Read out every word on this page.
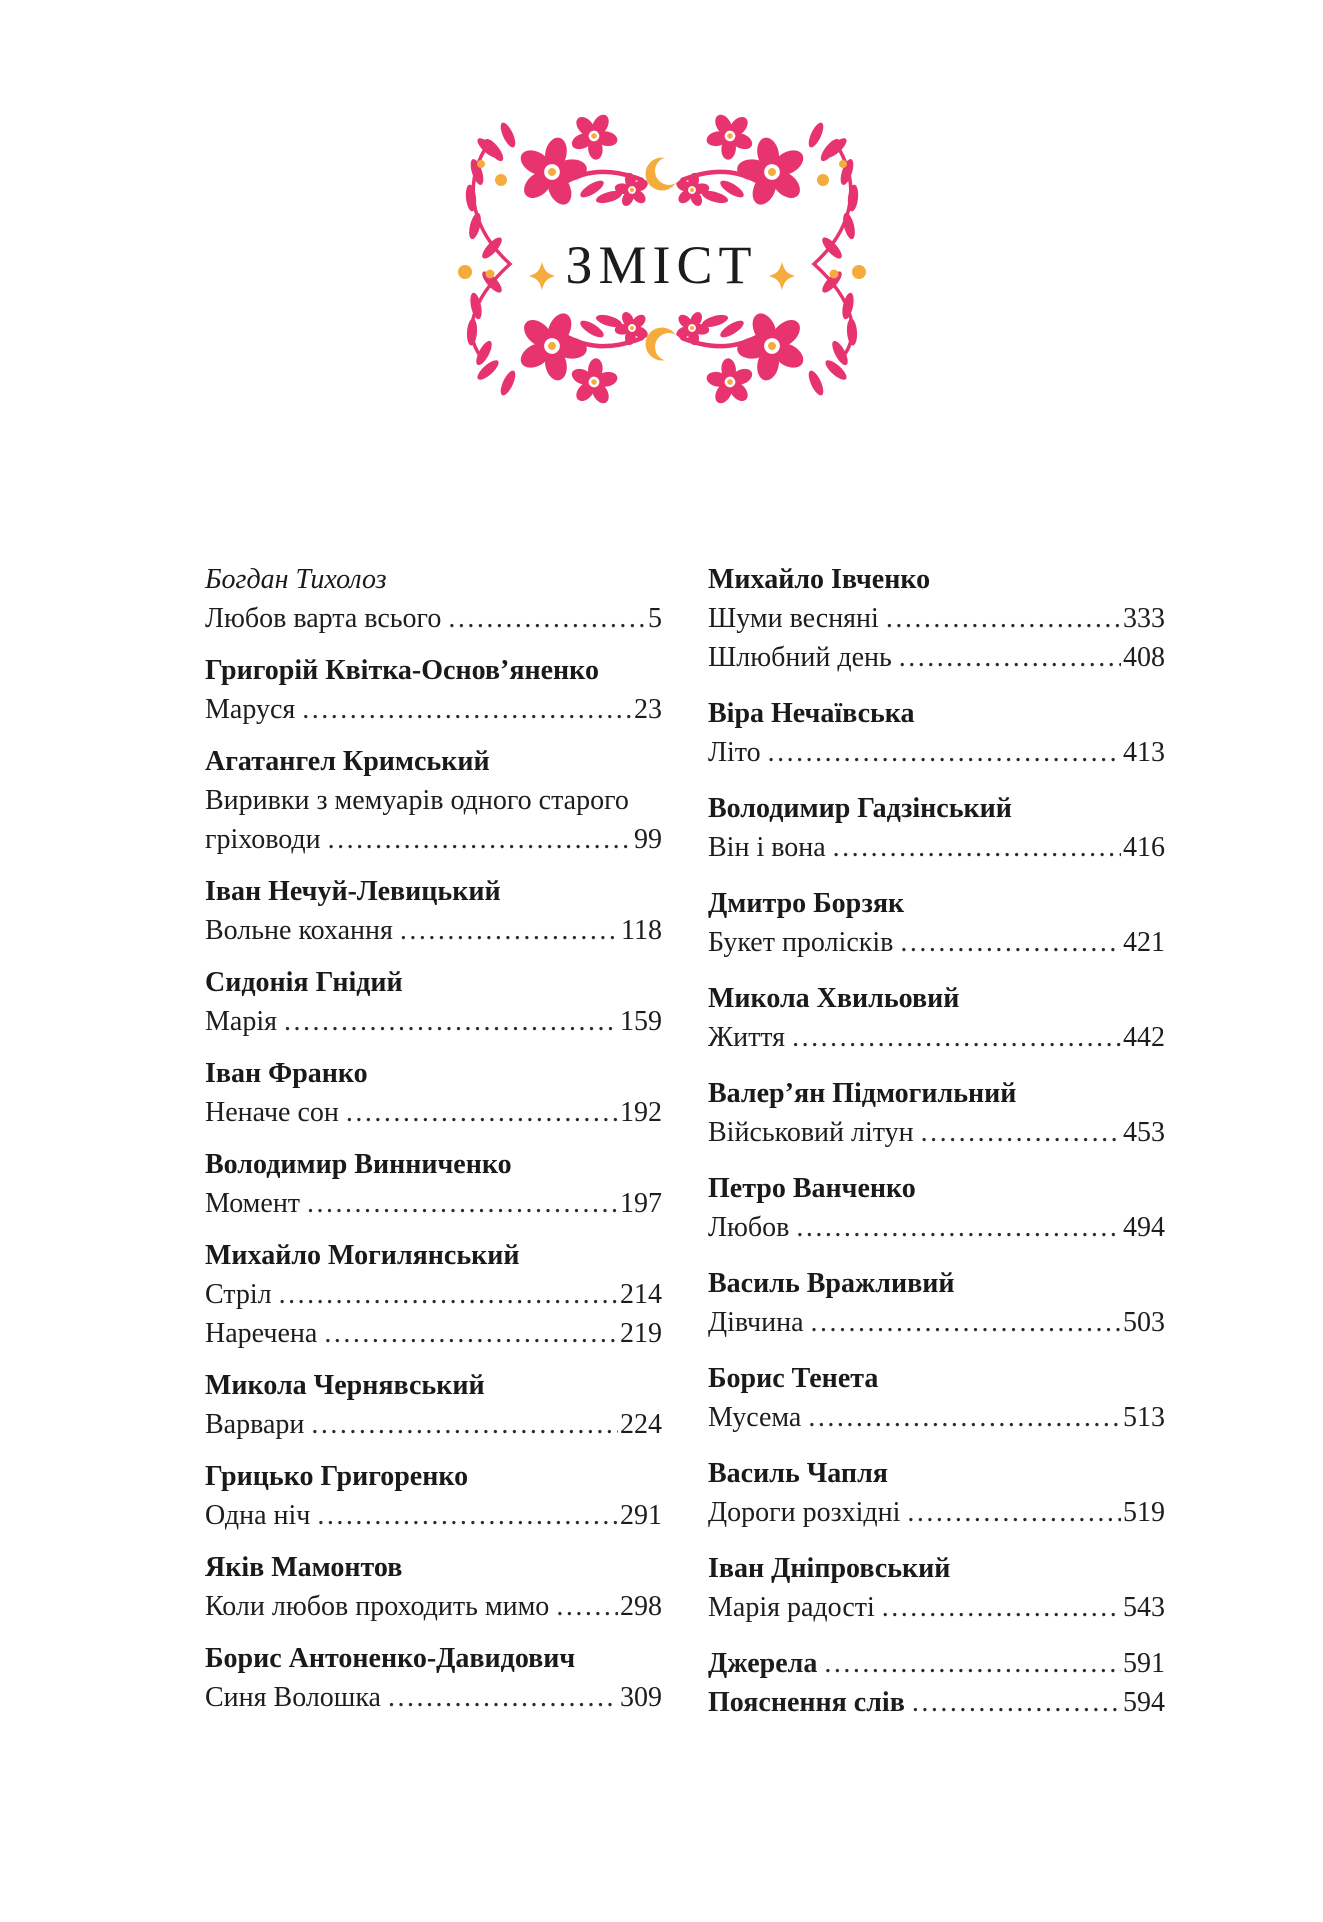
ЗМІСТ
Богдан Тихолоз
Любов варта всього .....	5
Григорій Квітка-Основ’яненко
Маруся .....	23
Агатангел Кримський
Виривки з мемуарів одного старого
гріховоди .....	99
Іван Нечуй-Левицький
Вольне кохання .....	118
Сидонія Гнідий
Марія .....	159
Іван Франко
Неначе сон .....	192
Володимир Винниченко
Момент .....	197
Михайло Могилянський
Стріл .....	214
Наречена .....	219
Микола Чернявський
Варвари .....	224
Грицько Григоренко
Одна ніч .....	291
Яків Мамонтов
Коли любов проходить мимо .....	298
Борис Антоненко-Давидович
Синя Волошка .....	309
Михайло Івченко
Шуми весняні .....	333
Шлюбний день .....	408
Віра Нечаївська
Літо .....	413
Володимир Гадзінський
Він і вона .....	416
Дмитро Борзяк
Букет пролісків .....	421
Микола Хвильовий
Життя .....	442
Валер’ян Підмогильний
Військовий літун .....	453
Петро Ванченко
Любов .....	494
Василь Вражливий
Дівчина .....	503
Борис Тенета
Мусема .....	513
Василь Чапля
Дороги розхідні .....	519
Іван Дніпровський
Марія радості .....	543
Джерела .....	591
Пояснення слів .....	594
